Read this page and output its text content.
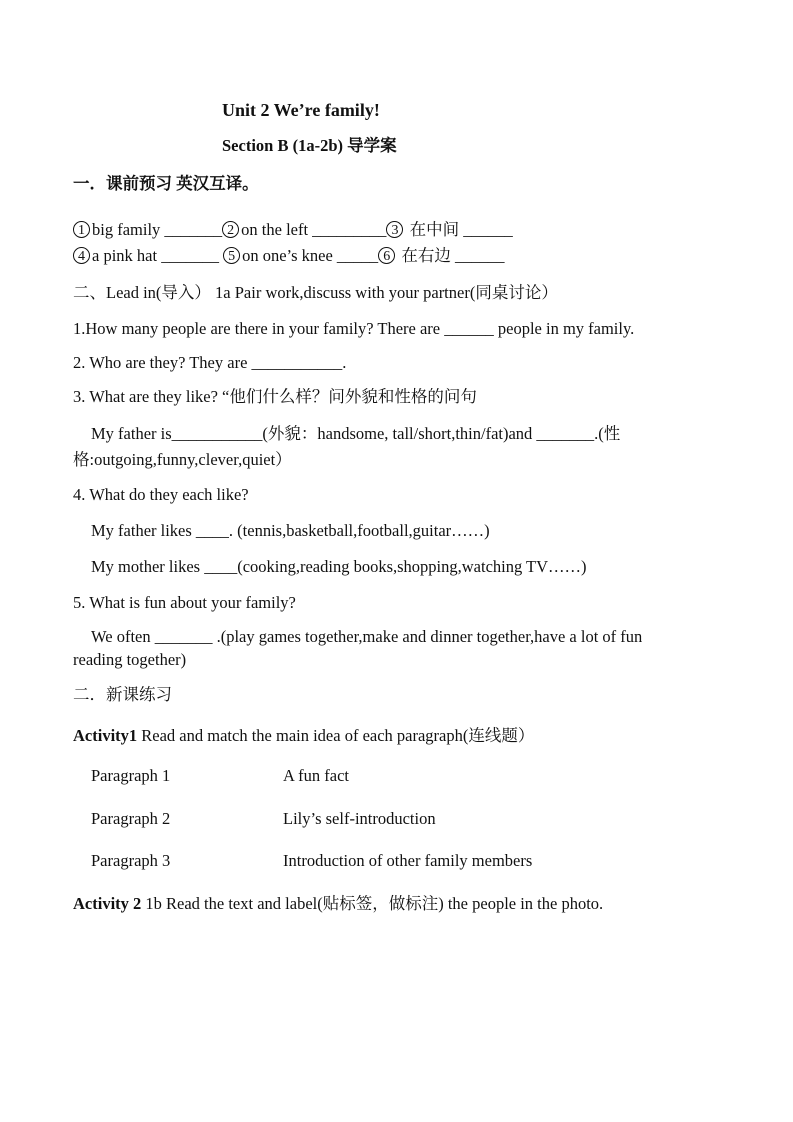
Unit 2 We’re family!
Section B (1a-2b) 导学案
一．课前预习 英汉互译。
1 big family _______ 2 on the left _________ 3 在中间 ______
4 a pink hat _______ 5 on one’s knee _____ 6 在右边 ______
二、Lead in(导入） 1a Pair work,discuss with your partner(同桌讨论）
1.How many people are there in your family? There are ______ people in my family.
2. Who are they? They are ___________.
3. What are they like? “他们什么样？问外貌和性格的问句
My father is___________(外貌：handsome, tall/short,thin/fat)and _______.(性
格:outgoing,funny,clever,quiet）
4. What do they each like?
My father likes ____. (tennis,basketball,football,guitar……)
My mother likes ____(cooking,reading books,shopping,watching TV……)
5. What is fun about your family?
We often _______ .(play games together,make and dinner together,have a lot of fun
reading together)
二．新课练习
Activity1 Read and match the main idea of each paragraph(连线题）
Paragraph 1	A fun fact
Paragraph 2	Lily’s self-introduction
Paragraph 3	Introduction of other family members
Activity 2 1b Read the text and label(贴标签，做标注) the people in the photo.
